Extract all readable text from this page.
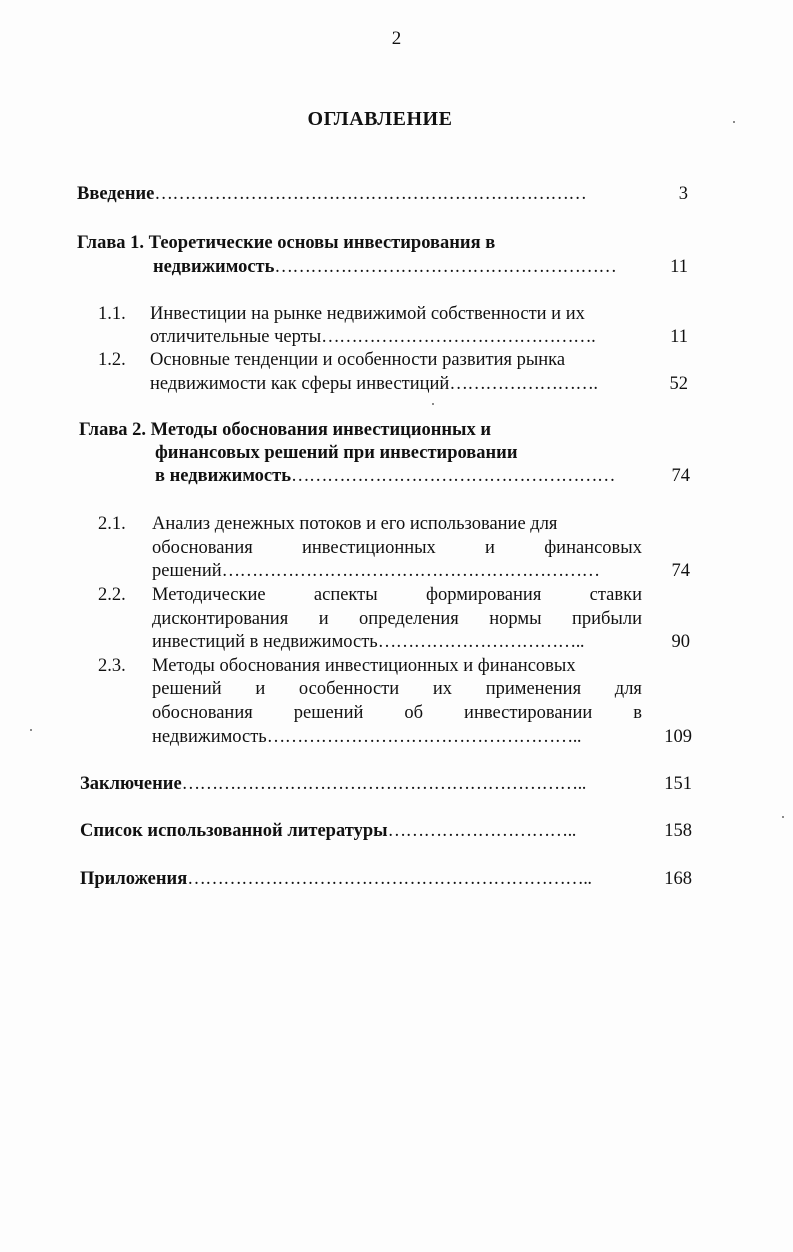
2
ОГЛАВЛЕНИЕ
Введение………………………………………………………………	3
Глава 1. Теоретические основы инвестирования в
недвижимость…………………………………………………	11
1.1. Инвестиции на рынке недвижимой собственности и их
отличительные черты……………………………………….	11
1.2. Основные тенденции и особенности развития рынка
недвижимости как сферы инвестиций…………………….	52
Глава 2. Методы обоснования инвестиционных и
финансовых решений при инвестировании
в недвижимость………………………………………………	74
2.1. Анализ денежных потоков и его использование для
обоснования	инвестиционных	и	финансовых
решений………………………………………………………	74
2.2. Методические	аспекты	формирования	ставки
дисконтирования и определения нормы прибыли
инвестиций в недвижимость……………………………..	90
2.3. Методы обоснования инвестиционных и финансовых
решений и особенности их применения для
обоснования решений об инвестировании в
недвижимость……………………………………………..	109
Заключение…………………………………………………………..	151
Список использованной литературы…………………………..	158
Приложения…………………………………………………………..	168
